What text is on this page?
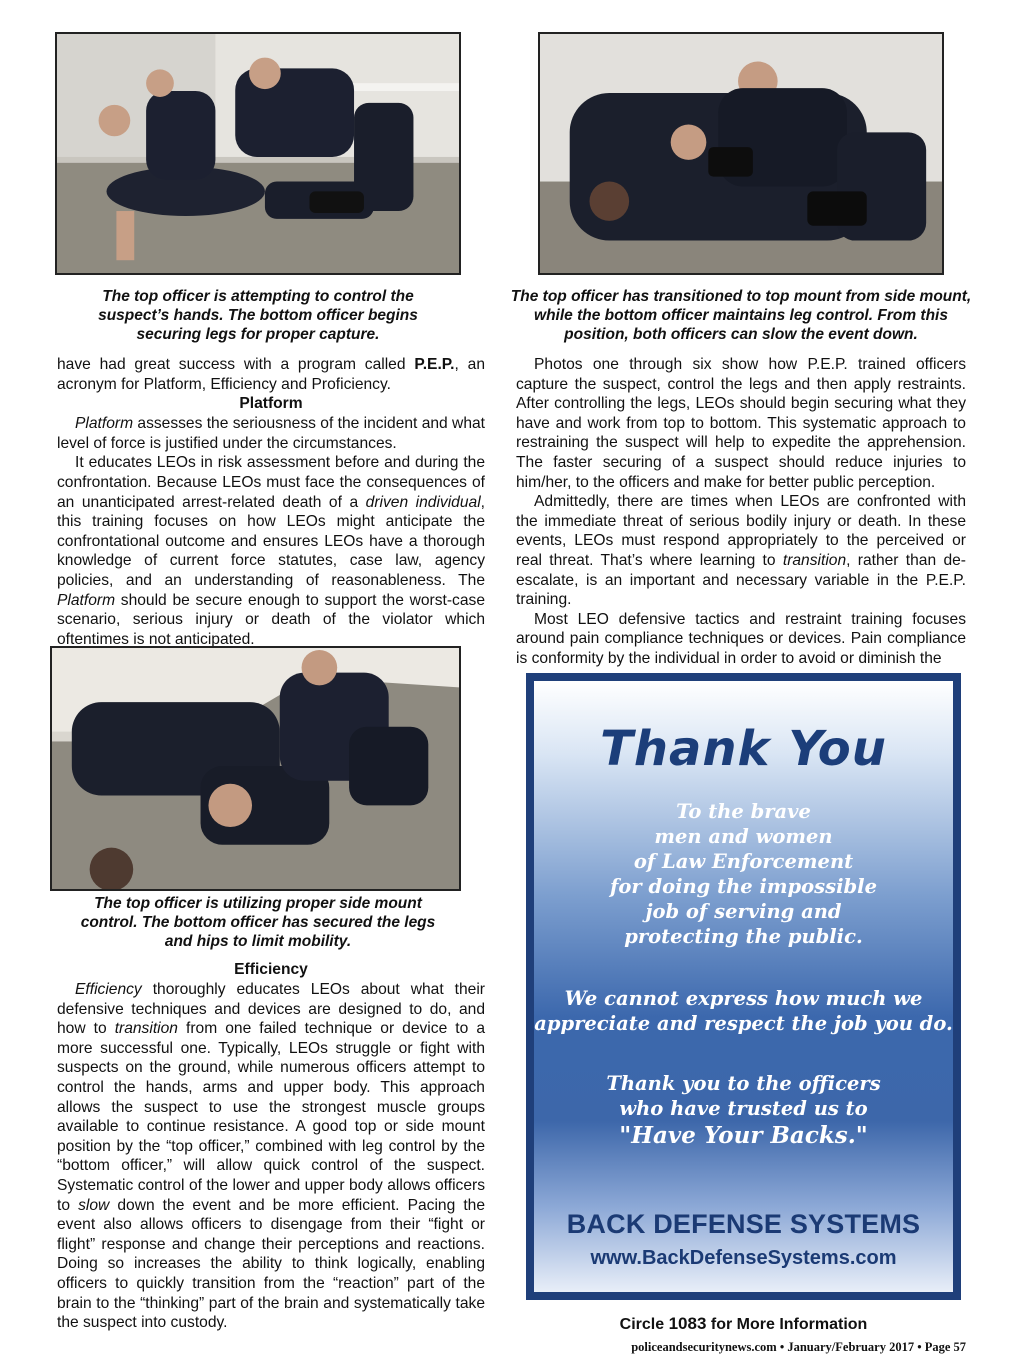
The top officer is attempting to control the suspect’s hands. The bottom officer begins securing legs for proper capture.
The top officer has transitioned to top mount from side mount, while the bottom officer maintains leg control. From this position, both officers can slow the event down.

have had great success with a program called P.E.P., an acronym for Platform, Efficiency and Proficiency.

Platform

Platform assesses the seriousness of the incident and what level of force is justified under the circumstances.

It educates LEOs in risk assessment before and during the confrontation. Because LEOs must face the consequences of an unanticipated arrest-related death of a driven individual, this training focuses on how LEOs might anticipate the confrontational outcome and ensures LEOs have a thorough knowledge of current force statutes, case law, agency policies, and an understanding of reasonableness. The Platform should be secure enough to support the worst-case scenario, serious injury or death of the violator which oftentimes is not anticipated.

Photos one through six show how P.E.P. trained officers capture the suspect, control the legs and then apply restraints. After controlling the legs, LEOs should begin securing what they have and work from top to bottom. This systematic approach to restraining the suspect will help to expedite the apprehension. The faster securing of a suspect should reduce injuries to him/her, to the officers and make for better public perception.

Admittedly, there are times when LEOs are confronted with the immediate threat of serious bodily injury or death. In these events, LEOs must respond appropriately to the perceived or real threat. That’s where learning to transition, rather than de-escalate, is an important and necessary variable in the P.E.P. training.

Most LEO defensive tactics and restraint training focuses around pain compliance techniques or devices. Pain compliance is conformity by the individual in order to avoid or diminish the

The top officer is utilizing proper side mount control. The bottom officer has secured the legs and hips to limit mobility.
Efficiency

Efficiency thoroughly educates LEOs about what their defensive techniques and devices are designed to do, and how to transition from one failed technique or device to a more successful one. Typically, LEOs struggle or fight with suspects on the ground, while numerous officers attempt to control the hands, arms and upper body. This approach allows the suspect to use the strongest muscle groups available to continue resistance. A good top or side mount position by the “top officer,” combined with leg control by the “bottom officer,” will allow quick control of the suspect. Systematic control of the lower and upper body allows officers to slow down the event and be more efficient. Pacing the event also allows officers to disengage from their “fight or flight” response and change their perceptions and reactions. Doing so increases the ability to think logically, enabling officers to quickly transition from the “reaction” part of the brain to the “thinking” part of the brain and systematically take the suspect into custody.

Thank You
To the brave
men and women
of Law Enforcement
for doing the impossible
job of serving and
protecting the public.
We cannot express how much we
appreciate and respect the job you do.
Thank you to the officers
who have trusted us to
"Have Your Backs."
BACK DEFENSE SYSTEMS
www.BackDefenseSystems.com
Circle 1083 for More Information
policeandsecuritynews.com • January/February 2017 • Page 57
